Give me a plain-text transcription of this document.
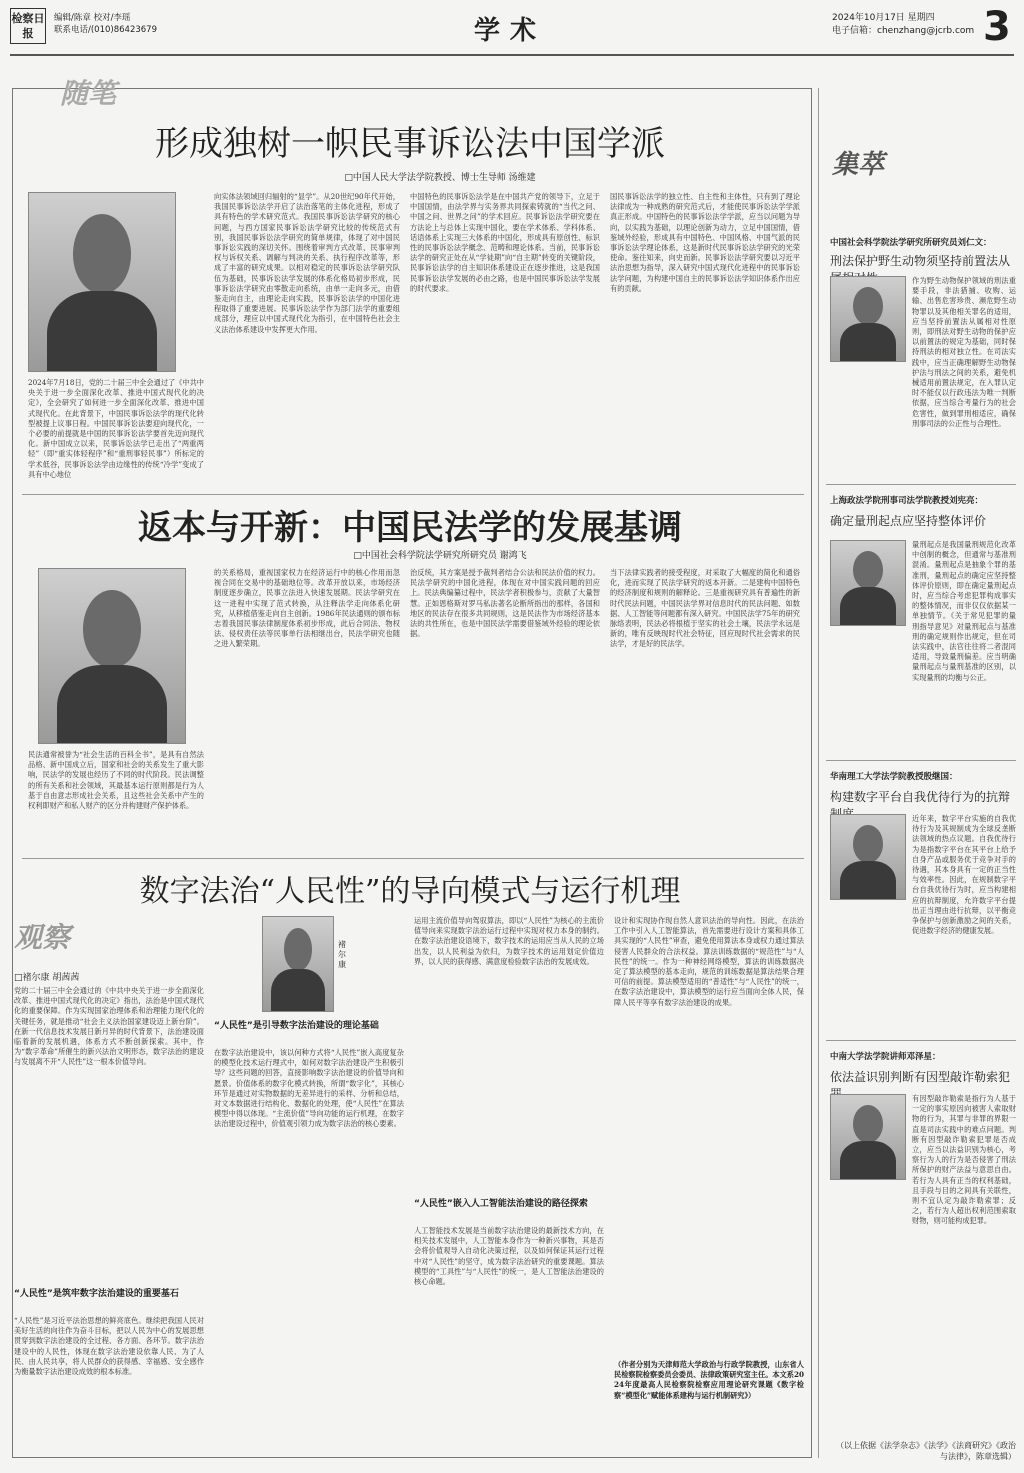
检察日报
编辑/陈章 校对/李瑶
联系电话/(010)86423679	学术	2024年10月17日 星期四
电子信箱：chenzhang@jcrb.com 3
随笔
形成独树一帜民事诉讼法中国学派
□中国人民大学法学院教授、博士生导师 汤维建
2024年7月18日，党的二十届三中全会通过了《中共中央关于进一步全面深化改革、推进中国式现代化的决定》，全会研究了如何进一步全面深化改革、推进中国式现代化。在此背景下，中国民事诉讼法学的现代化转型被提上议事日程。中国民事诉讼法要迎向现代化，一个必要的前提就是中国的民事诉讼法学要首先迈向现代化。新中国成立以来，民事诉讼法学已走出了“两重两轻”（即“重实体轻程序”和“重刑事轻民事”）所标定的学术低谷，民事诉讼法学由边缘性的传统“冷学”变成了具有中心地位
向实体法领域回归辐射的“显学”。从20世纪90年代开始，我国民事诉讼法学开启了法治落笔的主体化进程，形成了具有特色的学术研究范式。我国民事诉讼法学研究的核心问题，与西方国家民事诉讼法学研究比较的传统范式有别，我国民事诉讼法学研究的简单规律，体现了对中国民事诉讼实践的深切关怀。围绕着审判方式改革、民事审判权与诉权关系、调解与判决的关系、执行程序改革等，形成了丰富的研究成果。以相对稳定的民事诉讼法学研究队伍为基础，民事诉讼法学发展的体系化格局初步形成，民事诉讼法学研究由零散走向系统，由单一走向多元，由借鉴走向自主，由理论走向实践，民事诉讼法学的中国化进程取得了重要进展。民事诉讼法学作为部门法学的重要组成部分，理应以中国式现代化为指引，在中国特色社会主义法治体系建设中发挥更大作用。
中国特色的民事诉讼法学是在中国共产党的领导下，立足于中国国情，由法学界与实务界共同探索铸就的“当代之问、中国之问、世界之问”的学术回应。民事诉讼法学研究要在方法论上与总体上实现中国化，要在学术体系、学科体系、话语体系上实现三大体系的中国化，形成具有原创性、标识性的民事诉讼法学概念、范畴和理论体系。当前，民事诉讼法学的研究正处在从“学徒期”向“自主期”转变的关键阶段，民事诉讼法学的自主知识体系建设正在逐步推进，这是我国民事诉讼法学发展的必由之路，也是中国民事诉讼法学发展的时代要求。
国民事诉讼法学的独立性、自主性和主体性，只有到了理论法律成为一种成熟的研究范式后，才能使民事诉讼法学学派真正形成。中国特色的民事诉讼法学学派，应当以问题为导向，以实践为基础，以理论创新为动力，立足中国国情，借鉴域外经验，形成具有中国特色、中国风格、中国气派的民事诉讼法学理论体系，这是新时代民事诉讼法学研究的光荣使命。鉴往知来，向史而新。民事诉讼法学研究要以习近平法治思想为指导，深入研究中国式现代化进程中的民事诉讼法学问题，为构建中国自主的民事诉讼法学知识体系作出应有的贡献。
返本与开新：中国民法学的发展基调
□中国社会科学院法学研究所研究员 谢鸿飞
民法通常被誉为“社会生活的百科全书”，是具有自然法品格、新中国成立后，国家和社会的关系发生了重大影响，民法学的发展也经历了不同的时代阶段。民法调整的所有关系和社会领域，其最基本运行原则都是行为人基于自由意志形成社会关系，且这些社会关系中产生的权利即财产和私人财产的区分并构建财产保护体系。
的关系格局，重视国家权力在经济运行中的核心作用而忽视合同在交易中的基础地位等。改革开放以来，市场经济制度逐步确立，民事立法进入快速发展期。民法学研究在这一进程中实现了范式转换，从注释法学走向体系化研究，从移植借鉴走向自主创新。1986年民法通则的颁布标志着我国民事法律制度体系初步形成，此后合同法、物权法、侵权责任法等民事单行法相继出台，民法学研究也随之进入繁荣期。
治反统，其方案是授予裁判者结合公法和民法价值的权力。民法学研究的中国化进程，体现在对中国实践问题的回应上。民法典编纂过程中，民法学者积极参与，贡献了大量智慧。正如恩格斯对罗马私法著名论断所指出的那样，各国和地区的民法存在很多共同规则，这是民法作为市场经济基本法的共性所在，也是中国民法学需要借鉴域外经验的理论依据。
当下法律实践者的接受程度，对采取了大幅度的简化和通俗化，进而实现了民法学研究的返本开新。二是建构中国特色的经济制度和规则的解释论。三是重视研究具有普遍性的新时代民法问题，中国民法学界对信息时代的民法问题、如数据、人工智能等问题都有深入研究。中国民法学75年的研究脉络表明，民法必将根植于坚实的社会土壤，民法学永远是新的，唯有反映现时代社会特征，回应现时代社会需求的民法学，才是好的民法学。
数字法治“人民性”的导向模式与运行机理
观察
□褚尔康 胡茜茜
党的二十届三中全会通过的《中共中央关于进一步全面深化改革、推进中国式现代化的决定》指出，法治是中国式现代化的重要保障。作为实现国家治理体系和治理能力现代化的关键任务，就是推动“社会主义法治国家建设迈上新台阶”。在新一代信息技术发展日新月异的时代背景下，法治建设面临着新的发展机遇，体系方式不断创新探索。其中，作为“数字革命”所催生的新兴法治文明形态，数字法治的建设与发展离不开“人民性”这一根本价值导向。
“人民性”是筑牢数字法治建设的重要基石
“人民性”是习近平法治思想的鲜亮底色。继续把我国人民对美好生活的向往作为奋斗目标，把以人民为中心的发展思想贯穿到数字法治建设的全过程、各方面、各环节。数字法治建设中的人民性，体现在数字法治建设依靠人民、为了人民、由人民共享，将人民群众的获得感、幸福感、安全感作为衡量数字法治建设成效的根本标准。
褚尔康
“人民性”是引导数字法治建设的理论基础
在数字法治建设中，该以何种方式将“人民性”嵌入高度复杂的模型化技术运行理式中，如何对数字法治建设产生积极引导？这些问题的回答，直接影响数字法治建设的价值导向和愿景。价值体系的数字化模式转换，所谓“数字化”，其核心环节是通过对实物数据的无差异进行的采样、分析和总结，对文本数据进行结构化、数据化的处理，使“人民性”在算法模型中得以体现。“主流价值”导向功能的运行机理，在数字法治建设过程中，价值观引领力成为数字法治的核心要素。
运用主流价值导向驾驭算法，即以“人民性”为核心的主流价值导向来实现数字法治运行过程中实现对权力本身的制约。在数字法治建设语境下，数字技术的运用应当从人民的立场出发，以人民利益为依归，为数字技术的运用划定价值边界，以人民的获得感、满意度检验数字法治的发展成效。
“人民性”嵌入人工智能法治建设的路径探索
人工智能技术发展是当前数字法治建设的最新技术方向，在相关技术发展中，人工智能本身作为一种新兴事物，其是否会将价值观导入自动化决策过程，以及如何保证其运行过程中对“人民性”的坚守，成为数字法治研究的重要课题。算法模型的“工具性”与“人民性”的统一，是人工智能法治建设的核心命题。
设计和实现协作现自然人意识法治的导向性。因此，在法治工作中引入人工智能算法，首先需要进行设计方案和具体工具实现的“人民性”审查，避免使用算法本身或权力通过算法侵害人民群众的合法权益。算法训练数据的“规范性”与“人民性”的统一。作为一种神经网络模型，算法的训练数据决定了算法模型的基本走向，规范的训练数据是算法结果合理可信的前提。算法模型适用的“普适性”与“人民性”的统一，在数字法治建设中，算法模型的运行应当面向全体人民，保障人民平等享有数字法治建设的成果。
（作者分别为天津师范大学政治与行政学院教授，山东省人民检察院检察委员会委员、法律政策研究室主任。本文系2024年度最高人民检察院检察应用理论研究课题《数字检察“模型化”赋能体系建构与运行机制研究》）
集萃
中国社会科学院法学研究所研究员刘仁文：
刑法保护野生动物须坚持前置法从
作为野生动物保护领域的刑法重要手段，非法猎捕、收购、运输、出售危害珍贵、濒危野生动物罪以及其他相关罪名的适用，应当坚持前置法从属相对性原则，即刑法对野生动物的保护应以前置法的规定为基础，同时保持刑法的相对独立性。在司法实践中，应当正确理解野生动物保护法与刑法之间的关系，避免机械适用前置法规定，在入罪认定时不能仅以行政违法为唯一判断依据，应当综合考量行为的社会危害性，做到罪刑相适应，确保刑事司法的公正性与合理性。
上海政法学院刑事司法学院教授刘宪亮：
确定量刑起点应坚持整体评价
量刑起点是我国量刑规范化改革中创制的概念，但通常与基准刑混淆。量刑起点是抽象个罪的基准刑，量刑起点的确定应坚持整体评价原则，即在确定量刑起点时，应当综合考虑犯罪构成事实的整体情况，而非仅仅依据某一单独情节。《关于常见犯罪的量刑指导意见》对量刑起点与基准刑的确定规则作出规定，但在司法实践中，法官往往将二者混同适用，导致量刑偏差。应当明确量刑起点与量刑基准的区别，以实现量刑的均衡与公正。
华南理工大学法学院教授殷继国：
构建数字平台自我优待行为的抗辩
近年来，数字平台实施的自我优待行为及其规制成为全球反垄断法领域的热点议题。自我优待行为是指数字平台在其平台上给予自身产品或服务优于竞争对手的待遇，其本身具有一定的正当性与效率性。因此，在规制数字平台自我优待行为时，应当构建相应的抗辩制度，允许数字平台提出正当理由进行抗辩，以平衡竞争保护与创新激励之间的关系，促进数字经济的健康发展。
中南大学法学院讲师邓泽星：
依法益识别判断有因型敲诈勒索犯
有因型敲诈勒索是指行为人基于一定的事实原因向被害人索取财物的行为，其罪与非罪的界限一直是司法实践中的难点问题。判断有因型敲诈勒索犯罪是否成立，应当以法益识别为核心，考察行为人的行为是否侵害了刑法所保护的财产法益与意思自由。若行为人具有正当的权利基础，且手段与目的之间具有关联性，则不宜认定为敲诈勒索罪；反之，若行为人超出权利范围索取财物，则可能构成犯罪。
（以上依据《法学杂志》《法学》《法商研究》《政治与法律》，陈章选辑）
